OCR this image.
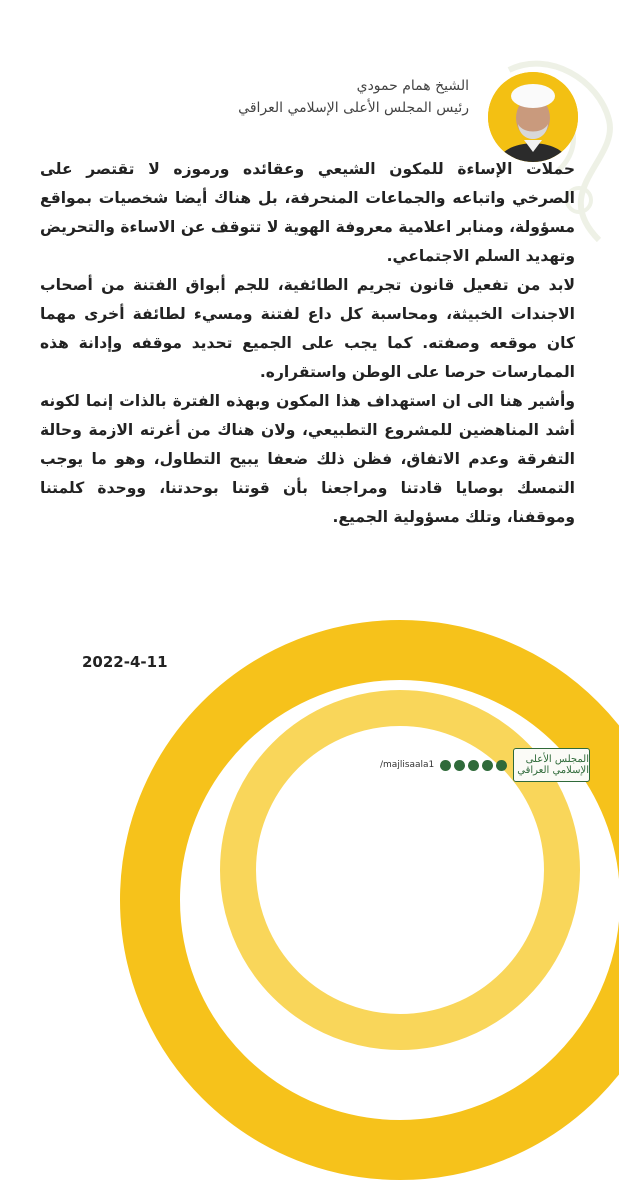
الشيخ همام حمودي
رئيس المجلس الأعلى الإسلامي العراقي

حملات الإساءة للمكون الشيعي وعقائده ورموزه لا تقتصر على الصرخي واتباعه والجماعات المنحرفة، بل هناك أيضا شخصيات بمواقع مسؤولة، ومنابر اعلامية معروفة الهوية لا تتوقف عن الاساءة والتحريض وتهديد السلم الاجتماعي.

لابد من تفعيل قانون تجريم الطائفية، للجم أبواق الفتنة من أصحاب الاجندات الخبيثة، ومحاسبة كل داع لفتنة ومسيء لطائفة أخرى مهما كان موقعه وصفته. كما يجب على الجميع تحديد موقفه وإدانة هذه الممارسات حرصا على الوطن واستقراره.

وأشير هنا الى ان استهداف هذا المكون وبهذه الفترة بالذات إنما لكونه أشد المناهضين للمشروع التطبيعي، ولان هناك من أغرته الازمة وحالة التفرقة وعدم الاتفاق، فظن ذلك ضعفا يبيح التطاول، وهو ما يوجب التمسك بوصايا قادتنا ومراجعنا بأن قوتنا بوحدتنا، ووحدة كلمتنا وموقفنا، وتلك مسؤولية الجميع.

2022-4-11
/majlisaala1	المجلس الأعلى الإسلامي العراقي
